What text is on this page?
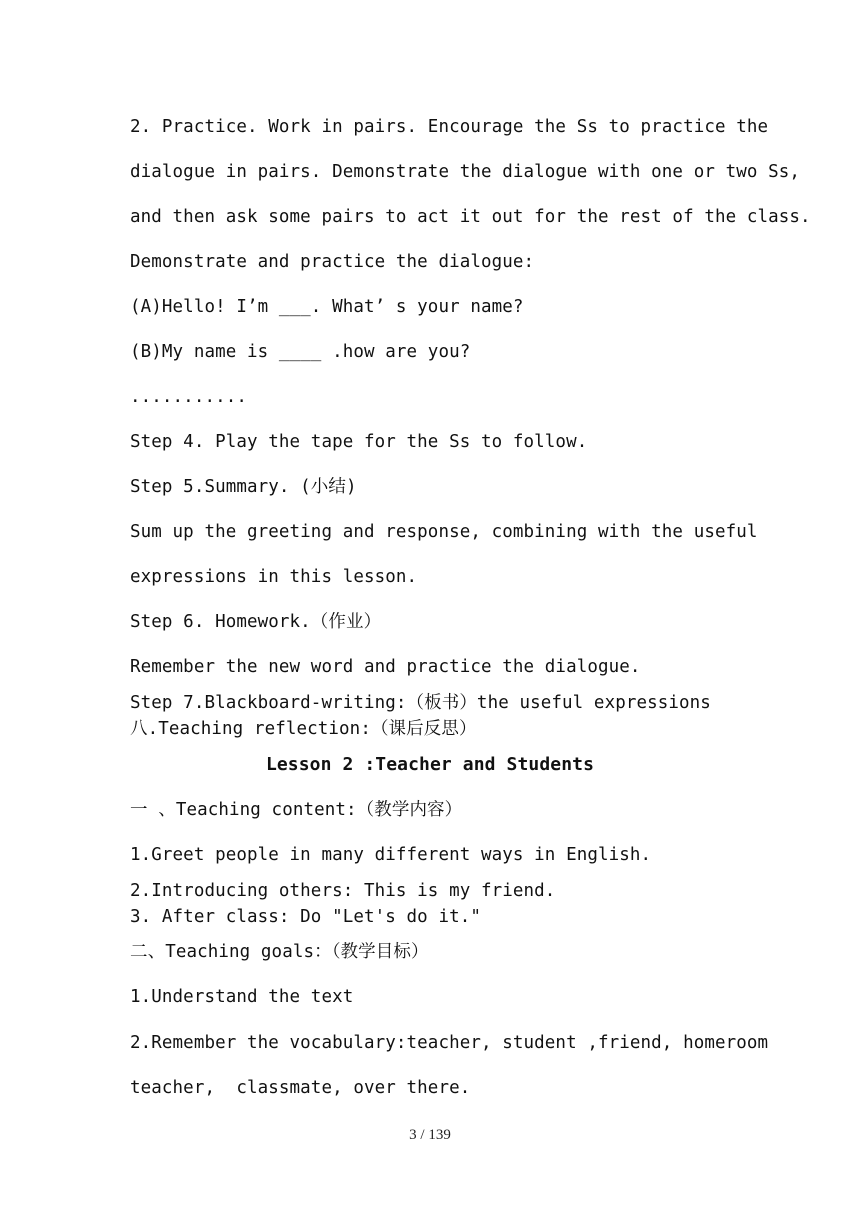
2. Practice. Work in pairs. Encourage the Ss to practice the
dialogue in pairs. Demonstrate the dialogue with one or two Ss,
and then ask some pairs to act it out for the rest of the class.
Demonstrate and practice the dialogue:
(A)Hello! I’m ___. What’ s your name?
(B)My name is ____ .how are you?
...........
Step 4. Play the tape for the Ss to follow.
Step 5.Summary. (小结)
Sum up the greeting and response, combining with the useful
expressions in this lesson.
Step 6. Homework.（作业）
Remember the new word and practice the dialogue.
Step 7.Blackboard-writing:（板书）the useful expressions
八.Teaching reflection:（课后反思）
Lesson 2 :Teacher and Students
一 、Teaching content:（教学内容）
1.Greet people in many different ways in English.
2.Introducing others: This is my friend.
3. After class: Do "Let's do it."
二、Teaching goals：（教学目标）
1.Understand the text
2.Remember the vocabulary:teacher, student ,friend, homeroom
teacher,  classmate, over there.
3 / 139
